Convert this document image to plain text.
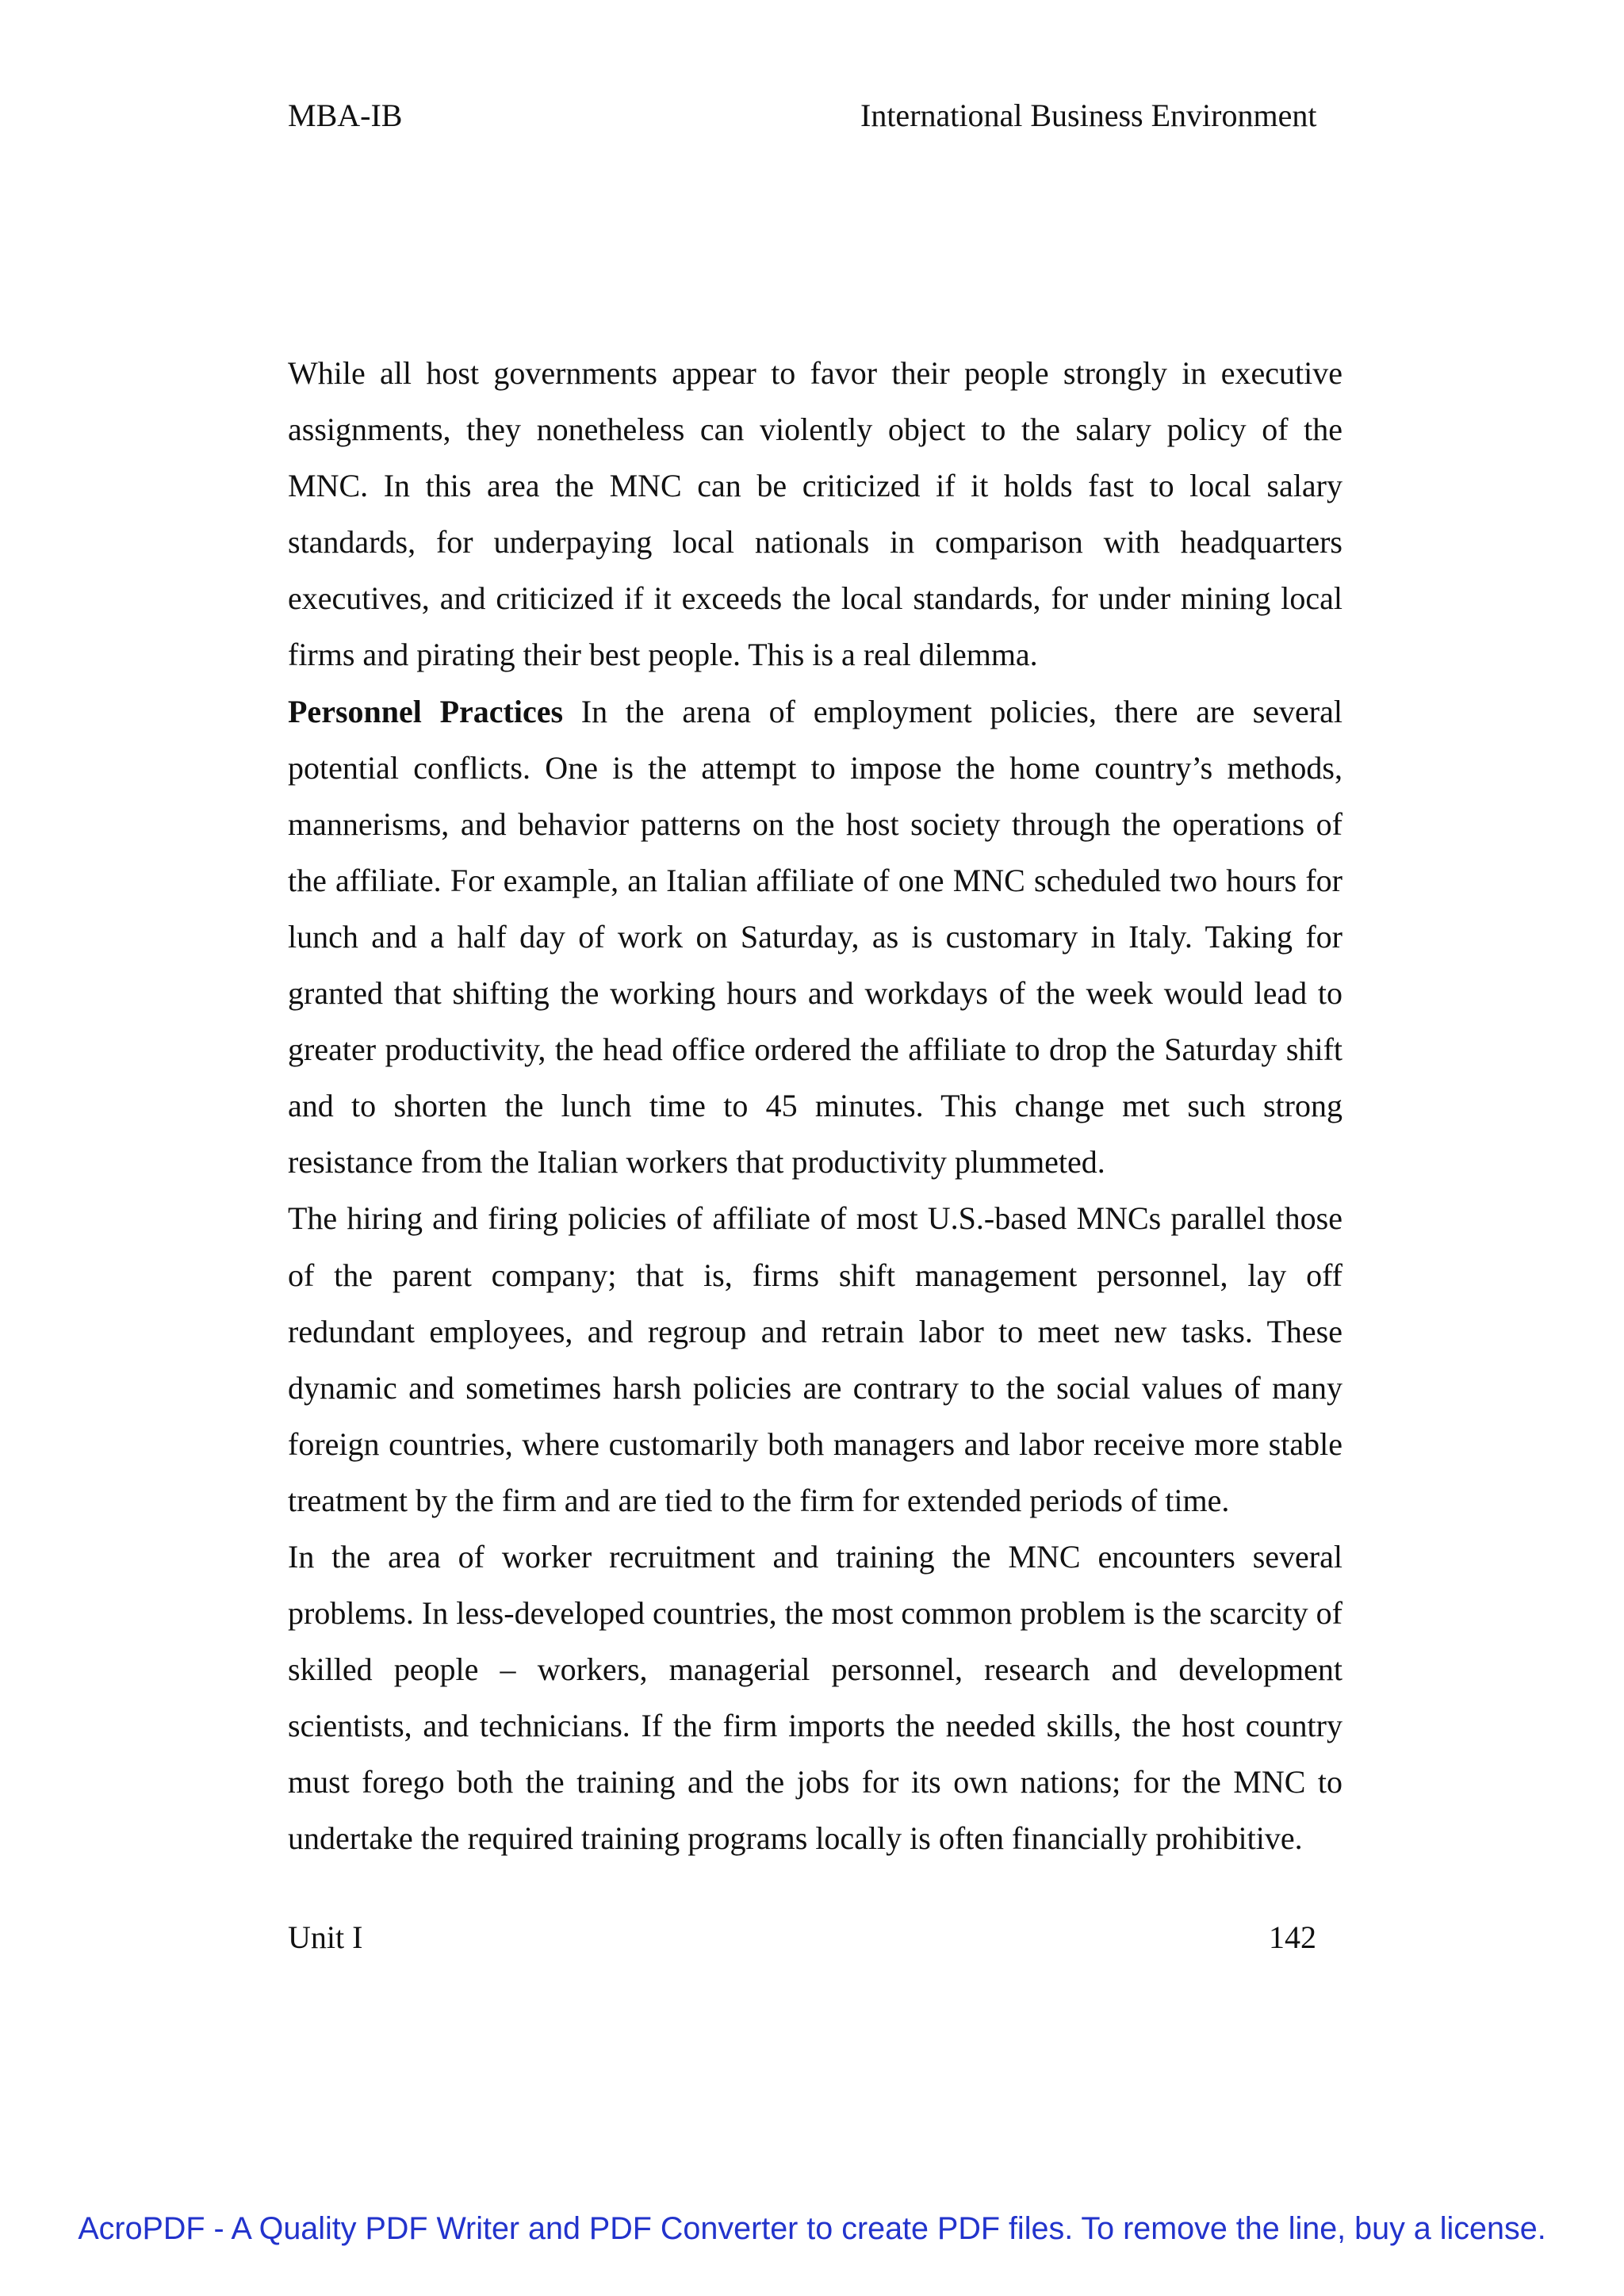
MBA-IB	International Business Environment

While all host governments appear to favor their people strongly in executive assignments, they nonetheless can violently object to the salary policy of the MNC. In this area the MNC can be criticized if it holds fast to local salary standards, for underpaying local nationals in comparison with headquarters executives, and criticized if it exceeds the local standards, for under mining local firms and pirating their best people. This is a real dilemma.

Personnel Practices In the arena of employment policies, there are several potential conflicts. One is the attempt to impose the home country’s methods, mannerisms, and behavior patterns on the host society through the operations of the affiliate. For example, an Italian affiliate of one MNC scheduled two hours for lunch and a half day of work on Saturday, as is customary in Italy. Taking for granted that shifting the working hours and workdays of the week would lead to greater productivity, the head office ordered the affiliate to drop the Saturday shift and to shorten the lunch time to 45 minutes. This change met such strong resistance from the Italian workers that productivity plummeted.

The hiring and firing policies of affiliate of most U.S.-based MNCs parallel those of the parent company; that is, firms shift management personnel, lay off redundant employees, and regroup and retrain labor to meet new tasks. These dynamic and sometimes harsh policies are contrary to the social values of many foreign countries, where customarily both managers and labor receive more stable treatment by the firm and are tied to the firm for extended periods of time.

In the area of worker recruitment and training the MNC encounters several problems. In less-developed countries, the most common problem is the scarcity of skilled people – workers, managerial personnel, research and development scientists, and technicians. If the firm imports the needed skills, the host country must forego both the training and the jobs for its own nations; for the MNC to undertake the required training programs locally is often financially prohibitive.

Unit I	142
AcroPDF - A Quality PDF Writer and PDF Converter to create PDF files. To remove the line, buy a license.
